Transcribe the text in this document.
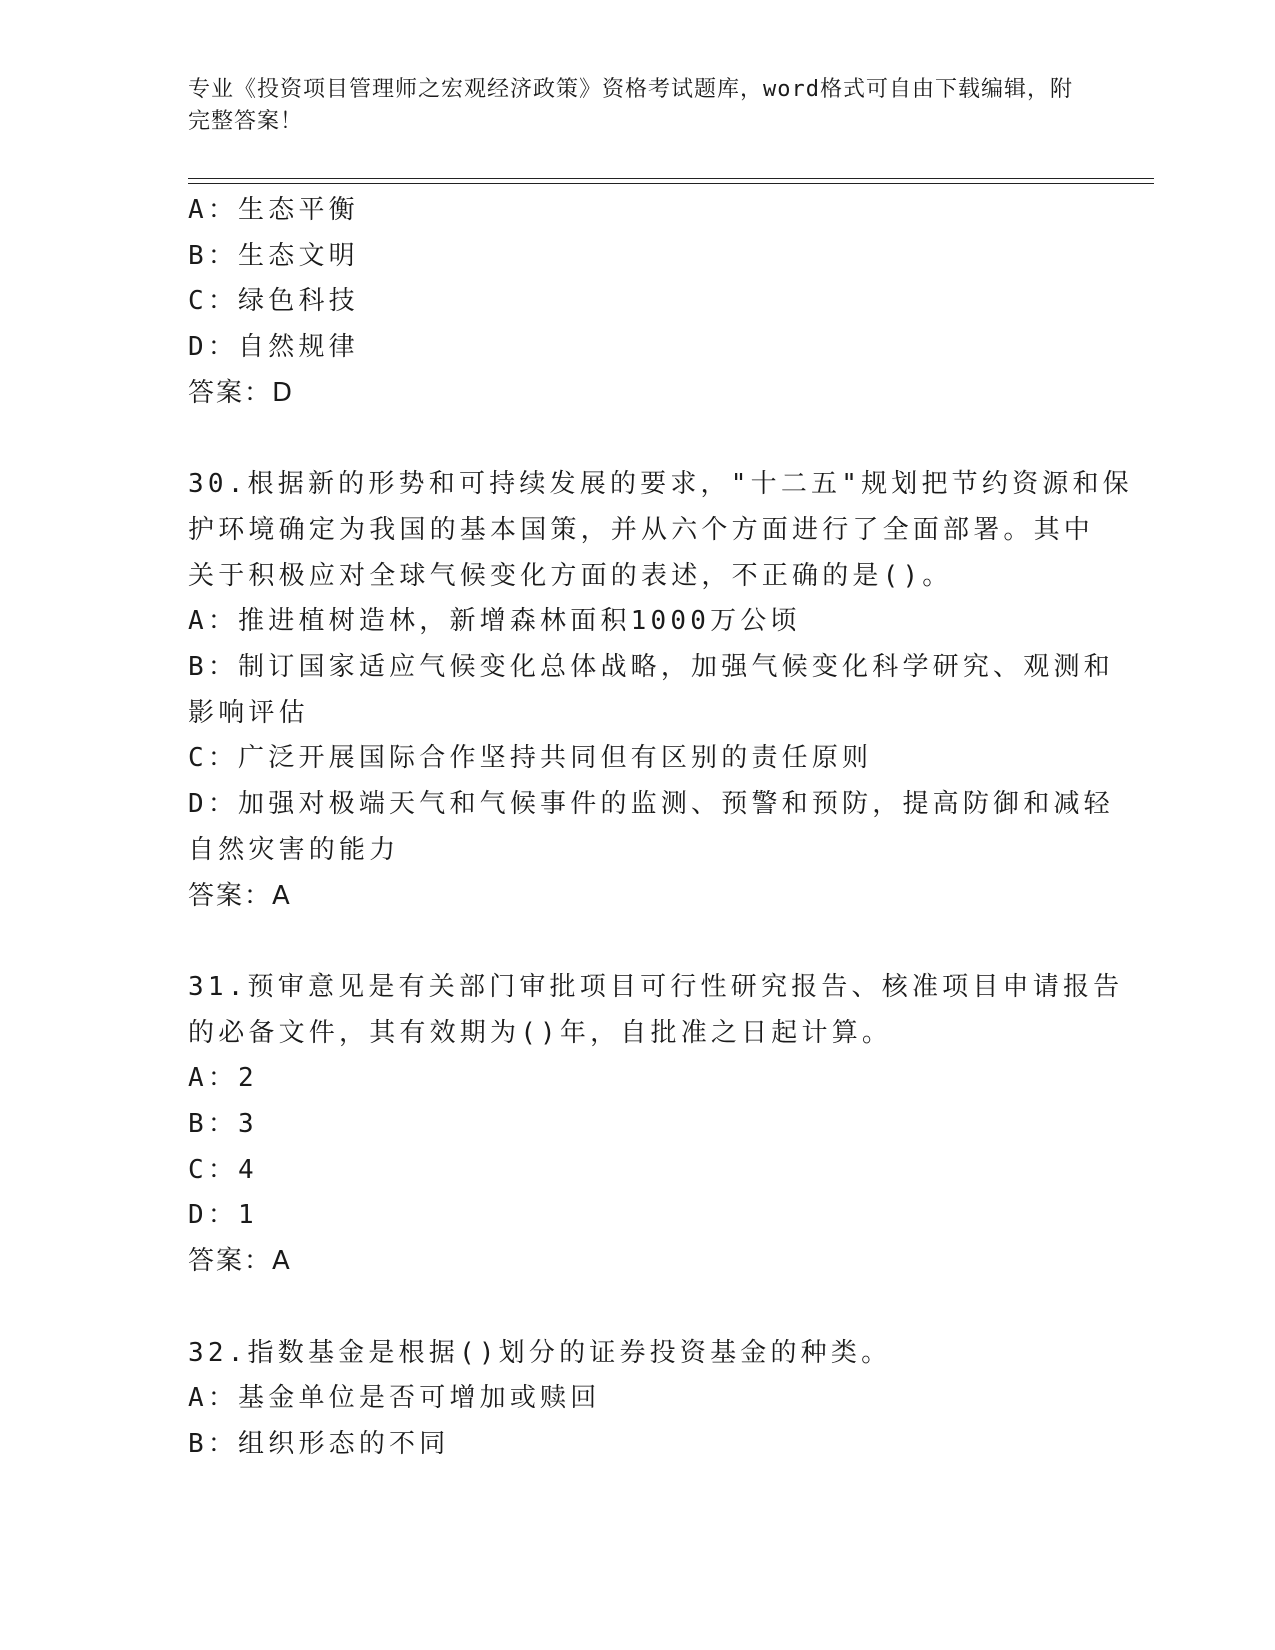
专业《投资项目管理师之宏观经济政策》资格考试题库，word格式可自由下载编辑，附完整答案！
A：生态平衡
B：生态文明
C：绿色科技
D：自然规律
答案：D
30.根据新的形势和可持续发展的要求，"十二五"规划把节约资源和保
护环境确定为我国的基本国策，并从六个方面进行了全面部署。其中
关于积极应对全球气候变化方面的表述，不正确的是()。
A：推进植树造林，新增森林面积1000万公顷
B：制订国家适应气候变化总体战略，加强气候变化科学研究、观测和
影响评估
C：广泛开展国际合作坚持共同但有区别的责任原则
D：加强对极端天气和气候事件的监测、预警和预防，提高防御和减轻
自然灾害的能力
答案：A
31.预审意见是有关部门审批项目可行性研究报告、核准项目申请报告
的必备文件，其有效期为()年，自批准之日起计算。
A：2
B：3
C：4
D：1
答案：A
32.指数基金是根据()划分的证券投资基金的种类。
A：基金单位是否可增加或赎回
B：组织形态的不同
